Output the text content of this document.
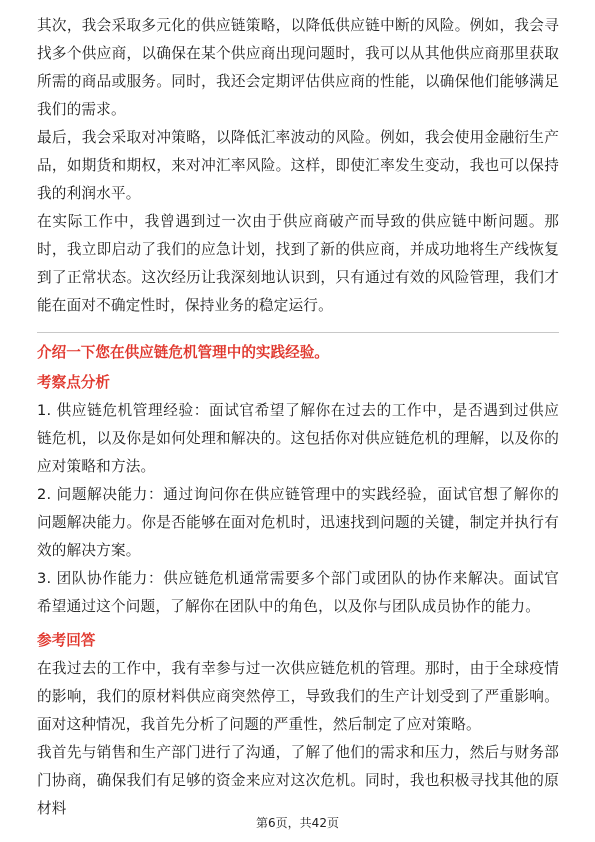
其次，我会采取多元化的供应链策略，以降低供应链中断的风险。例如，我会寻找多个供应商，以确保在某个供应商出现问题时，我可以从其他供应商那里获取所需的商品或服务。同时，我还会定期评估供应商的性能，以确保他们能够满足我们的需求。

最后，我会采取对冲策略，以降低汇率波动的风险。例如，我会使用金融衍生产品，如期货和期权，来对冲汇率风险。这样，即使汇率发生变动，我也可以保持我的利润水平。

在实际工作中，我曾遇到过一次由于供应商破产而导致的供应链中断问题。那时，我立即启动了我们的应急计划，找到了新的供应商，并成功地将生产线恢复到了正常状态。这次经历让我深刻地认识到，只有通过有效的风险管理，我们才能在面对不确定性时，保持业务的稳定运行。

介绍一下您在供应链危机管理中的实践经验。

考察点分析

1. 供应链危机管理经验：面试官希望了解你在过去的工作中，是否遇到过供应链危机，以及你是如何处理和解决的。这包括你对供应链危机的理解，以及你的应对策略和方法。

2. 问题解决能力：通过询问你在供应链管理中的实践经验，面试官想了解你的问题解决能力。你是否能够在面对危机时，迅速找到问题的关键，制定并执行有效的解决方案。

3. 团队协作能力：供应链危机通常需要多个部门或团队的协作来解决。面试官希望通过这个问题，了解你在团队中的角色，以及你与团队成员协作的能力。

参考回答

在我过去的工作中，我有幸参与过一次供应链危机的管理。那时，由于全球疫情的影响，我们的原材料供应商突然停工，导致我们的生产计划受到了严重影响。面对这种情况，我首先分析了问题的严重性，然后制定了应对策略。

我首先与销售和生产部门进行了沟通，了解了他们的需求和压力，然后与财务部门协商，确保我们有足够的资金来应对这次危机。同时，我也积极寻找其他的原材料

第6页，共42页
